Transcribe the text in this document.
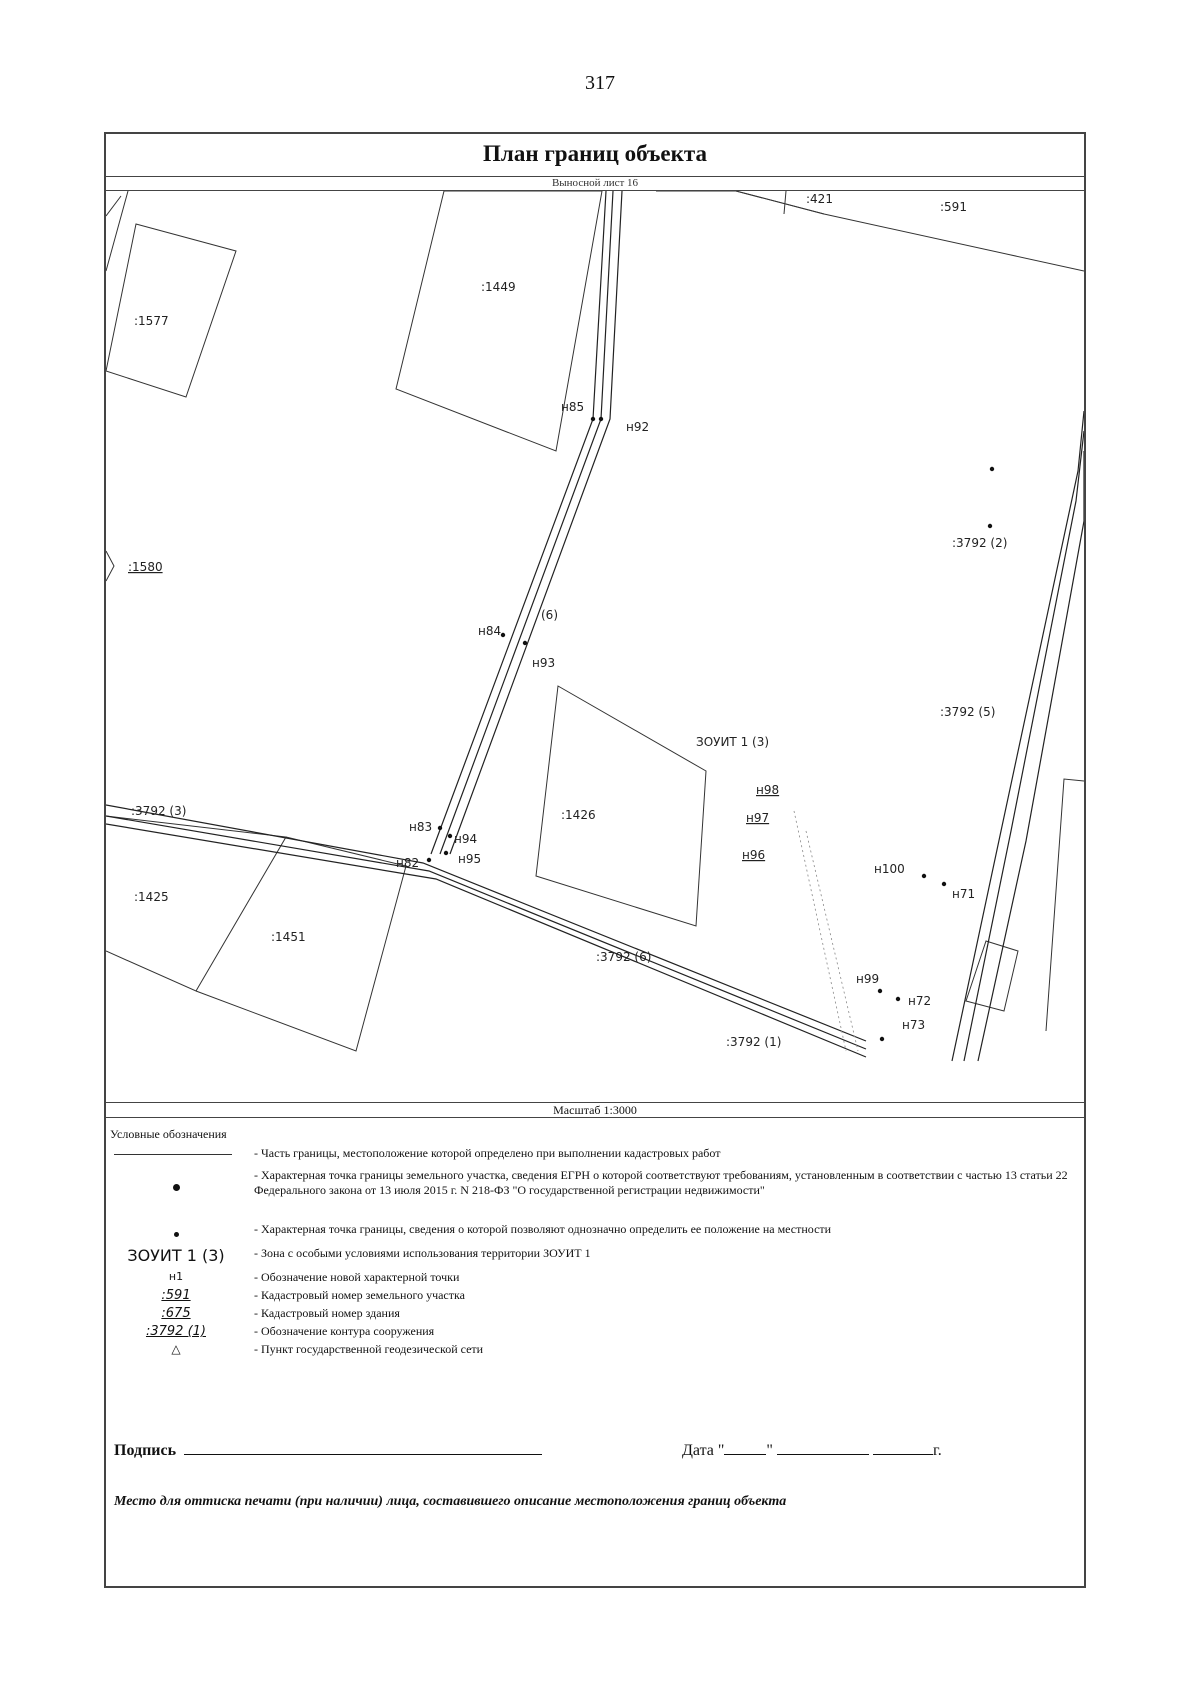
317
План границ объекта
Выносной лист 16
:591
:421
:1449
:1577
:1580
:1426
:1425
:1451
:3792 (2)
:3792 (3)
:3792 (5)
:3792 (6)
:3792 (1)
(6)
ЗОУИТ 1 (3)
н85
н92
н84
н93
н83
н94
н82	н95
н98
н97
н96
н100
н71
н99
н72
н73
Масштаб 1:3000
Условные обозначения
- Часть границы, местоположение которой определено при выполнении кадастровых работ
- Характерная точка границы земельного участка, сведения ЕГРН о которой соответствуют требованиям, установленным в соответствии с частью 13 статьи 22 Федерального закона от 13 июля 2015 г. N 218-ФЗ "О государственной регистрации недвижимости"
- Характерная точка границы, сведения о которой позволяют однозначно определить ее положение на местности
ЗОУИТ 1 (3)	- Зона с особыми условиями использования территории ЗОУИТ 1
н1	- Обозначение новой характерной точки
:591	- Кадастровый номер земельного участка
:675	- Кадастровый номер здания
:3792 (1)	- Обозначение контура сооружения
△	- Пункт государственной геодезической сети
Подпись	Дата "	"	г.
Место для оттиска печати (при наличии) лица, составившего описание местоположения границ объекта
